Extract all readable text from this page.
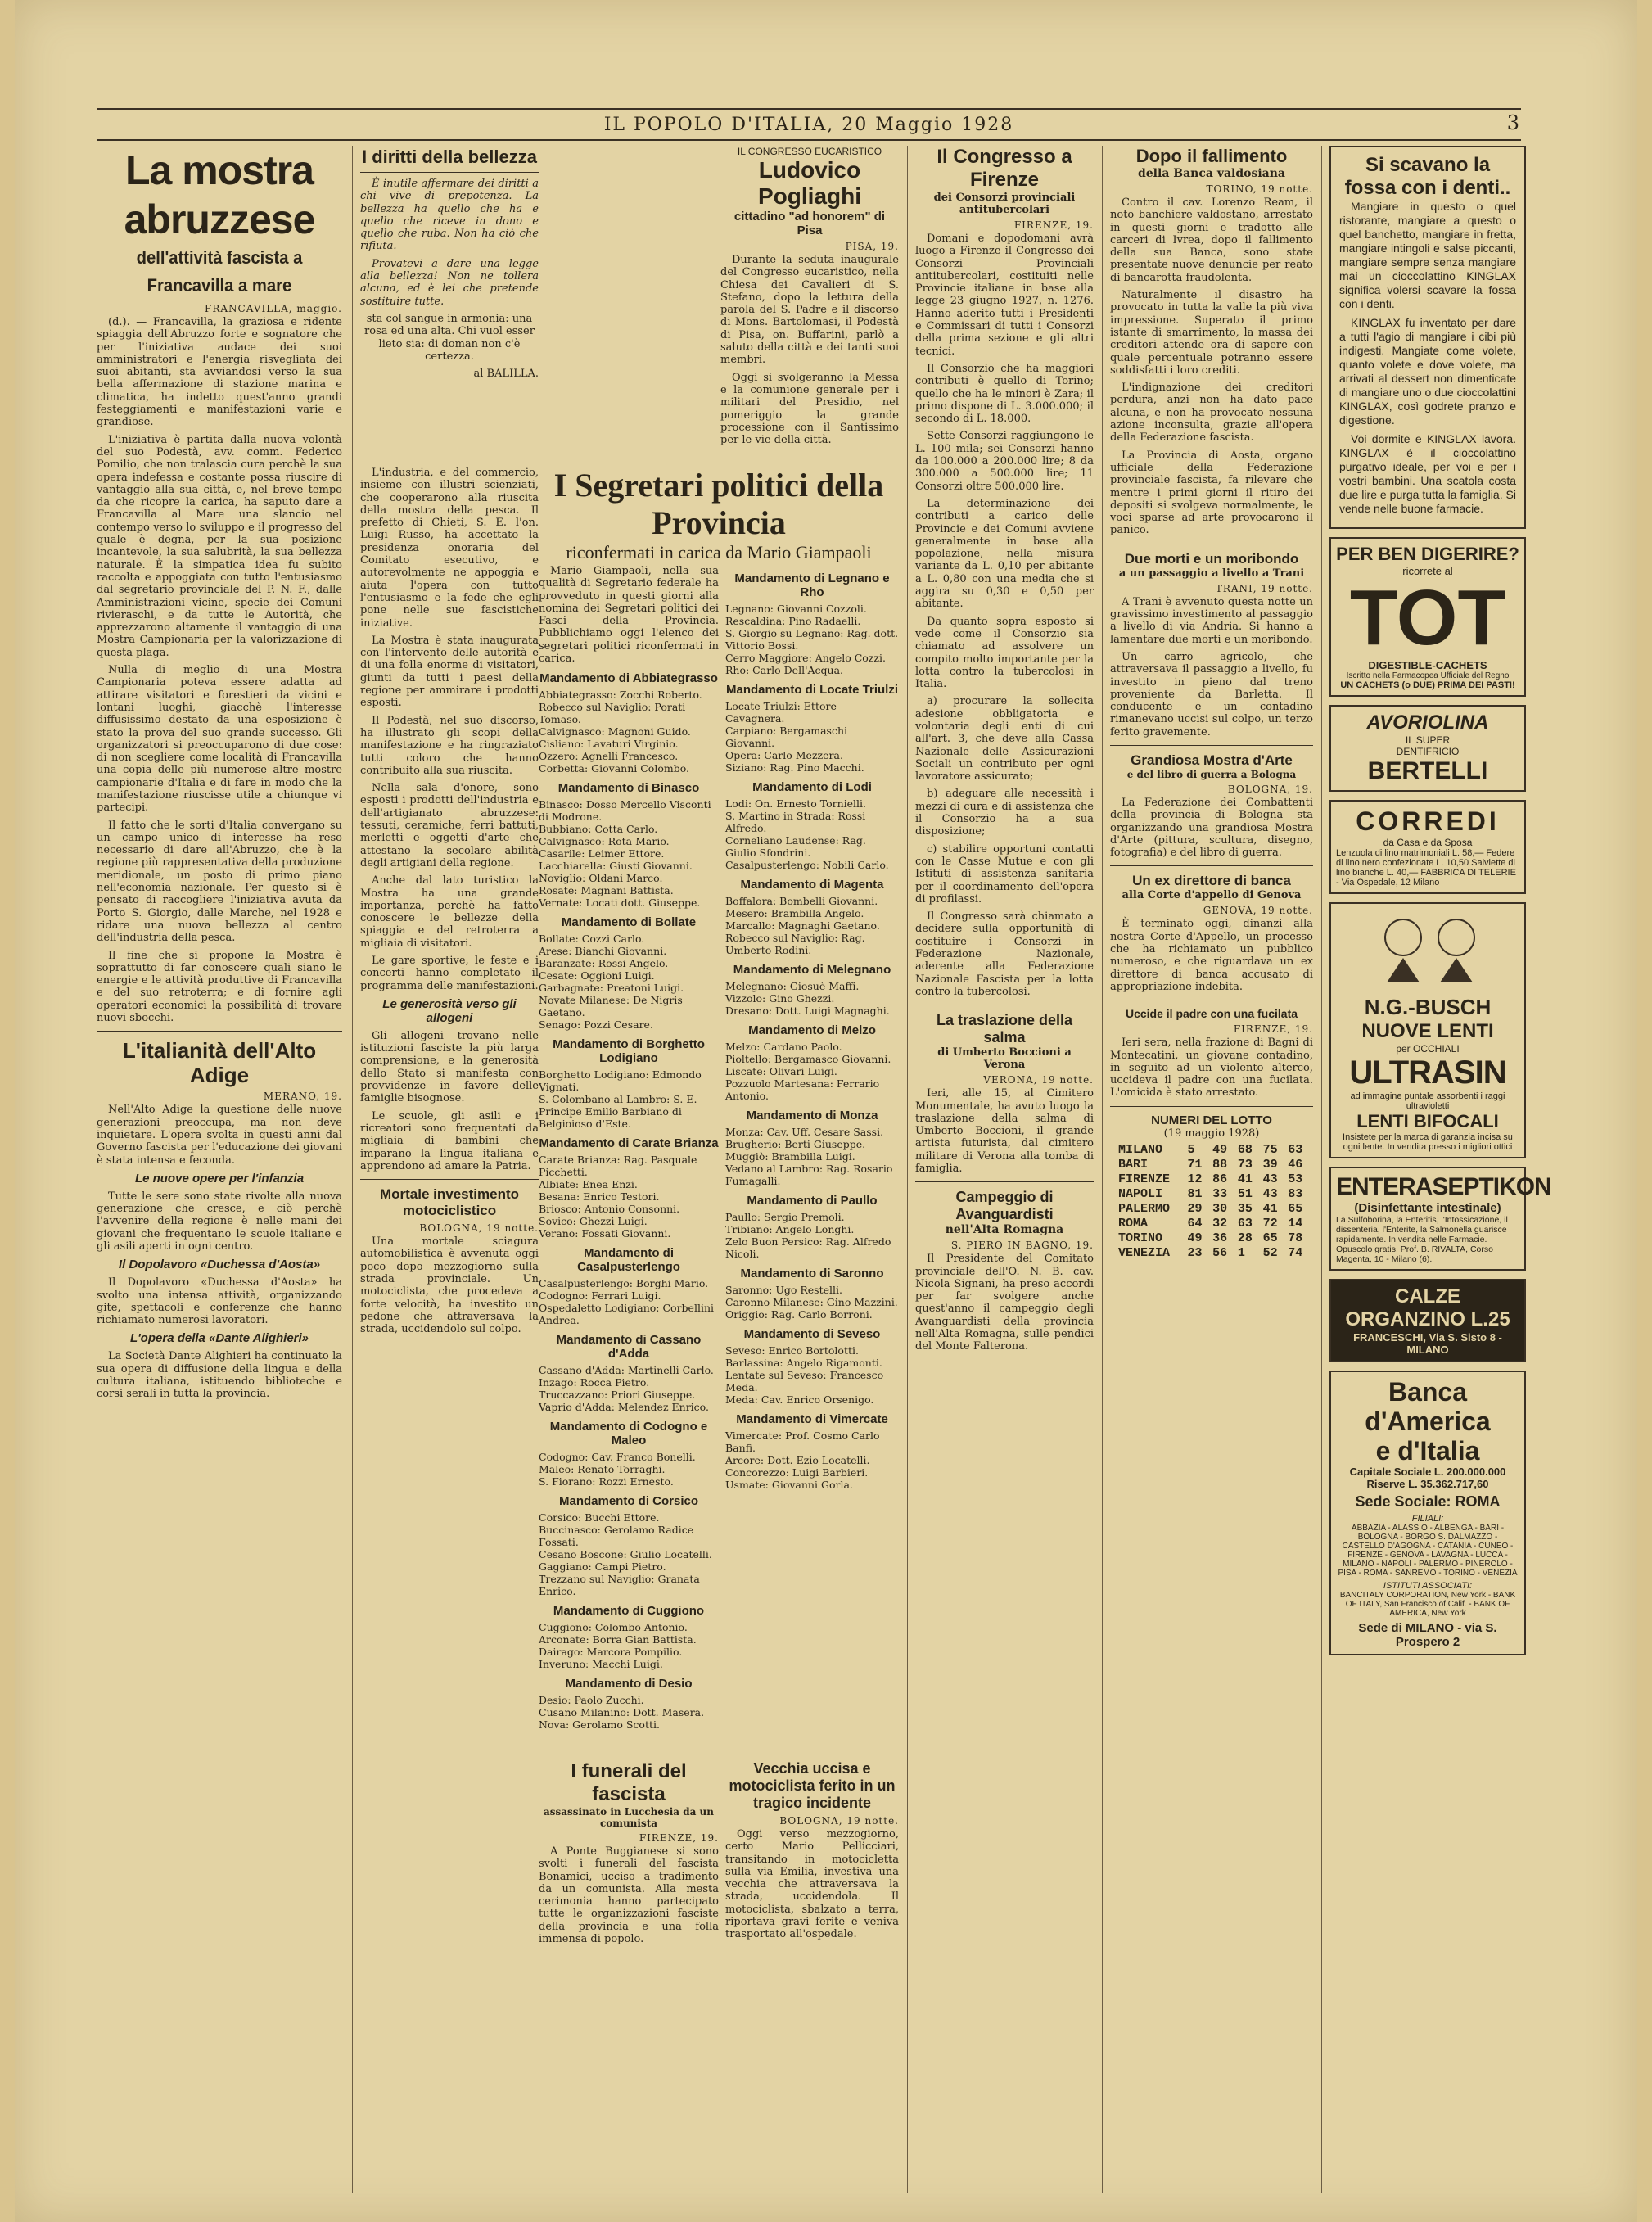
IL POPOLO D'ITALIA, 20 Maggio 1928	3
La mostra abruzzese
dell'attività fascista a Francavilla a mare
FRANCAVILLA, maggio.

(d.). — Francavilla, la graziosa e ridente spiaggia dell'Abruzzo forte e sognatore che per l'iniziativa audace dei suoi amministratori e l'energia risvegliata dei suoi abitanti, sta avviandosi verso la sua bella affermazione di stazione marina e climatica, ha indetto quest'anno grandi festeggiamenti e manifestazioni varie e grandiose.

L'iniziativa è partita dalla nuova volontà del suo Podestà, avv. comm. Federico Pomilio, che non tralascia cura perchè la sua opera indefessa e costante possa riuscire di vantaggio alla sua città, e, nel breve tempo da che ricopre la carica, ha saputo dare a Francavilla al Mare una slancio nel contempo verso lo sviluppo e il progresso del quale è degna, per la sua posizione incantevole, la sua salubrità, la sua bellezza naturale. È la simpatica idea fu subito raccolta e appoggiata con tutto l'entusiasmo dal segretario provinciale del P. N. F., dalle Amministrazioni vicine, specie dei Comuni rivieraschi, e da tutte le Autorità, che apprezzarono altamente il vantaggio di una Mostra Campionaria per la valorizzazione di questa plaga.

Nulla di meglio di una Mostra Campionaria poteva essere adatta ad attirare visitatori e forestieri da vicini e lontani luoghi, giacchè l'interesse diffusissimo destato da una esposizione è stato la prova del suo grande successo. Gli organizzatori si preoccuparono di due cose: di non scegliere come località di Francavilla una copia delle più numerose altre mostre campionarie d'Italia e di fare in modo che la manifestazione riuscisse utile a chiunque vi partecipi.

Il fatto che le sorti d'Italia convergano su un campo unico di interesse ha reso necessario di dare all'Abruzzo, che è la regione più rappresentativa della produzione meridionale, un posto di primo piano nell'economia nazionale. Per questo si è pensato di raccogliere l'iniziativa avuta da Porto S. Giorgio, dalle Marche, nel 1928 e ridare una nuova bellezza al centro dell'industria della pesca.

Il fine che si propone la Mostra è soprattutto di far conoscere quali siano le energie e le attività produttive di Francavilla e del suo retroterra; e di fornire agli operatori economici la possibilità di trovare nuovi sbocchi.

L'italianità dell'Alto Adige
MERANO, 19.

Nell'Alto Adige la questione delle nuove generazioni preoccupa, ma non deve inquietare. L'opera svolta in questi anni dal Governo fascista per l'educazione dei giovani è stata intensa e feconda.

Le nuove opere per l'infanzia

Tutte le sere sono state rivolte alla nuova generazione che cresce, e ciò perchè l'avvenire della regione è nelle mani dei giovani che frequentano le scuole italiane e gli asili aperti in ogni centro.

Il Dopolavoro «Duchessa d'Aosta»

Il Dopolavoro «Duchessa d'Aosta» ha svolto una intensa attività, organizzando gite, spettacoli e conferenze che hanno richiamato numerosi lavoratori.

L'opera della «Dante Alighieri»

La Società Dante Alighieri ha continuato la sua opera di diffusione della lingua e della cultura italiana, istituendo biblioteche e corsi serali in tutta la provincia.

I diritti della bellezza

È inutile affermare dei diritti a chi vive di prepotenza. La bellezza ha quello che ha e quello che riceve in dono e quello che ruba. Non ha ciò che rifiuta.

Provatevi a dare una legge alla bellezza! Non ne tollera alcuna, ed è lei che pretende sostituire tutte.

sta col sangue in armonia: una rosa ed una alta. Chi vuol esser lieto sia: di doman non c'è certezza.

al BALILLA.

L'industria, e del commercio, insieme con illustri scienziati, che cooperarono alla riuscita della mostra della pesca. Il prefetto di Chieti, S. E. l'on. Luigi Russo, ha accettato la presidenza onoraria del Comitato esecutivo, e autorevolmente ne appoggia e aiuta l'opera con tutto l'entusiasmo e la fede che egli pone nelle sue fascistiche iniziative.

La Mostra è stata inaugurata con l'intervento delle autorità e di una folla enorme di visitatori, giunti da tutti i paesi della regione per ammirare i prodotti esposti.

Il Podestà, nel suo discorso, ha illustrato gli scopi della manifestazione e ha ringraziato tutti coloro che hanno contribuito alla sua riuscita.

Nella sala d'onore, sono esposti i prodotti dell'industria e dell'artigianato abruzzese: tessuti, ceramiche, ferri battuti, merletti e oggetti d'arte che attestano la secolare abilità degli artigiani della regione.

Anche dal lato turistico la Mostra ha una grande importanza, perchè ha fatto conoscere le bellezze della spiaggia e del retroterra a migliaia di visitatori.

Le gare sportive, le feste e i concerti hanno completato il programma delle manifestazioni.

Le generosità verso gli allogeni

Gli allogeni trovano nelle istituzioni fasciste la più larga comprensione, e la generosità dello Stato si manifesta con provvidenze in favore delle famiglie bisognose.

Le scuole, gli asili e i ricreatori sono frequentati da migliaia di bambini che imparano la lingua italiana e apprendono ad amare la Patria.

Mortale investimento motociclistico
BOLOGNA, 19 notte.

Una mortale sciagura automobilistica è avvenuta oggi poco dopo mezzogiorno sulla strada provinciale. Un motociclista, che procedeva a forte velocità, ha investito un pedone che attraversava la strada, uccidendolo sul colpo.

IL CONGRESSO EUCARISTICO
Ludovico Pogliaghi
cittadino "ad honorem" di Pisa
PISA, 19.

Durante la seduta inaugurale del Congresso eucaristico, nella Chiesa dei Cavalieri di S. Stefano, dopo la lettura della parola del S. Padre e il discorso di Mons. Bartolomasi, il Podestà di Pisa, on. Buffarini, parlò a saluto della città e dei tanti suoi membri.

Oggi si svolgeranno la Messa e la comunione generale per i militari del Presidio, nel pomeriggio la grande processione con il Santissimo per le vie della città.

I Segretari politici della Provincia
riconfermati in carica da Mario Giampaoli

Mario Giampaoli, nella sua qualità di Segretario federale ha provveduto in questi giorni alla nomina dei Segretari politici dei Fasci della Provincia. Pubblichiamo oggi l'elenco dei segretari politici riconfermati in carica.

Mandamento di Abbiategrasso
Abbiategrasso: Zocchi Roberto.
Robecco sul Naviglio: Porati Tomaso.
Calvignasco: Magnoni Guido.
Cisliano: Lavaturi Virginio.
Ozzero: Agnelli Francesco.
Corbetta: Giovanni Colombo.
Mandamento di Binasco
Binasco: Dosso Mercello Visconti di Modrone.
Bubbiano: Cotta Carlo.
Calvignasco: Rota Mario.
Casarile: Leimer Ettore.
Lacchiarella: Giusti Giovanni.
Noviglio: Oldani Marco.
Rosate: Magnani Battista.
Vernate: Locati dott. Giuseppe.
Mandamento di Bollate
Bollate: Cozzi Carlo.
Arese: Bianchi Giovanni.
Baranzate: Rossi Angelo.
Cesate: Oggioni Luigi.
Garbagnate: Preatoni Luigi.
Novate Milanese: De Nigris Gaetano.
Senago: Pozzi Cesare.
Mandamento di Borghetto Lodigiano
Borghetto Lodigiano: Edmondo Vignati.
S. Colombano al Lambro: S. E. Principe Emilio Barbiano di Belgioioso d'Este.
Mandamento di Carate Brianza
Carate Brianza: Rag. Pasquale Picchetti.
Albiate: Enea Enzi.
Besana: Enrico Testori.
Briosco: Antonio Consonni.
Sovico: Ghezzi Luigi.
Verano: Fossati Giovanni.
Mandamento di Casalpusterlengo
Casalpusterlengo: Borghi Mario.
Codogno: Ferrari Luigi.
Ospedaletto Lodigiano: Corbellini Andrea.
Mandamento di Cassano d'Adda
Cassano d'Adda: Martinelli Carlo.
Inzago: Rocca Pietro.
Truccazzano: Priori Giuseppe.
Vaprio d'Adda: Melendez Enrico.
Mandamento di Codogno e Maleo
Codogno: Cav. Franco Bonelli.
Maleo: Renato Torraghi.
S. Fiorano: Rozzi Ernesto.
Mandamento di Corsico
Corsico: Bucchi Ettore.
Buccinasco: Gerolamo Radice Fossati.
Cesano Boscone: Giulio Locatelli.
Gaggiano: Campi Pietro.
Trezzano sul Naviglio: Granata Enrico.
Mandamento di Cuggiono
Cuggiono: Colombo Antonio.
Arconate: Borra Gian Battista.
Dairago: Marcora Pompilio.
Inveruno: Macchi Luigi.
Mandamento di Desio
Desio: Paolo Zucchi.
Cusano Milanino: Dott. Masera.
Nova: Gerolamo Scotti.
Mandamento di Legnano e Rho
Legnano: Giovanni Cozzoli.
Rescaldina: Pino Radaelli.
S. Giorgio su Legnano: Rag. dott. Vittorio Bossi.
Cerro Maggiore: Angelo Cozzi.
Rho: Carlo Dell'Acqua.
Mandamento di Locate Triulzi
Locate Triulzi: Ettore Cavagnera.
Carpiano: Bergamaschi Giovanni.
Opera: Carlo Mezzera.
Siziano: Rag. Pino Macchi.
Mandamento di Lodi
Lodi: On. Ernesto Tornielli.
S. Martino in Strada: Rossi Alfredo.
Corneliano Laudense: Rag. Giulio Sfondrini.
Casalpusterlengo: Nobili Carlo.
Mandamento di Magenta
Boffalora: Bombelli Giovanni.
Mesero: Brambilla Angelo.
Marcallo: Magnaghi Gaetano.
Robecco sul Naviglio: Rag. Umberto Rodini.
Mandamento di Melegnano
Melegnano: Giosuè Maffi.
Vizzolo: Gino Ghezzi.
Dresano: Dott. Luigi Magnaghi.
Mandamento di Melzo
Melzo: Cardano Paolo.
Pioltello: Bergamasco Giovanni.
Liscate: Olivari Luigi.
Pozzuolo Martesana: Ferrario Antonio.
Mandamento di Monza
Monza: Cav. Uff. Cesare Sassi.
Brugherio: Berti Giuseppe.
Muggiò: Brambilla Luigi.
Vedano al Lambro: Rag. Rosario Fumagalli.
Mandamento di Paullo
Paullo: Sergio Premoli.
Tribiano: Angelo Longhi.
Zelo Buon Persico: Rag. Alfredo Nicoli.
Mandamento di Saronno
Saronno: Ugo Restelli.
Caronno Milanese: Gino Mazzini.
Origgio: Rag. Carlo Borroni.
Mandamento di Seveso
Seveso: Enrico Bortolotti.
Barlassina: Angelo Rigamonti.
Lentate sul Seveso: Francesco Meda.
Meda: Cav. Enrico Orsenigo.
Mandamento di Vimercate
Vimercate: Prof. Cosmo Carlo Banfi.
Arcore: Dott. Ezio Locatelli.
Concorezzo: Luigi Barbieri.
Usmate: Giovanni Gorla.
I funerali del fascista
assassinato in Lucchesia da un comunista
FIRENZE, 19.

A Ponte Buggianese si sono svolti i funerali del fascista Bonamici, ucciso a tradimento da un comunista. Alla mesta cerimonia hanno partecipato tutte le organizzazioni fasciste della provincia e una folla immensa di popolo.

Vecchia uccisa e motociclista ferito in un tragico incidente
BOLOGNA, 19 notte.

Oggi verso mezzogiorno, certo Mario Pellicciari, transitando in motocicletta sulla via Emilia, investiva una vecchia che attraversava la strada, uccidendola. Il motociclista, sbalzato a terra, riportava gravi ferite e veniva trasportato all'ospedale.

Il Congresso a Firenze
dei Consorzi provinciali antitubercolari
FIRENZE, 19.

Domani e dopodomani avrà luogo a Firenze il Congresso dei Consorzi Provinciali antitubercolari, costituiti nelle Provincie italiane in base alla legge 23 giugno 1927, n. 1276. Hanno aderito tutti i Presidenti e Commissari di tutti i Consorzi della prima sezione e gli altri tecnici.

Il Consorzio che ha maggiori contributi è quello di Torino; quello che ha le minori è Zara; il primo dispone di L. 3.000.000; il secondo di L. 18.000.

Sette Consorzi raggiungono le L. 100 mila; sei Consorzi hanno da 100.000 a 200.000 lire; 8 da 300.000 a 500.000 lire; 11 Consorzi oltre 500.000 lire.

La determinazione dei contributi a carico delle Provincie e dei Comuni avviene generalmente in base alla popolazione, nella misura variante da L. 0,10 per abitante a L. 0,80 con una media che si aggira su 0,30 e 0,50 per abitante.

Da quanto sopra esposto si vede come il Consorzio sia chiamato ad assolvere un compito molto importante per la lotta contro la tubercolosi in Italia.

a) procurare la sollecita adesione obbligatoria e volontaria degli enti di cui all'art. 3, che deve alla Cassa Nazionale delle Assicurazioni Sociali un contributo per ogni lavoratore assicurato;

b) adeguare alle necessità i mezzi di cura e di assistenza che il Consorzio ha a sua disposizione;

c) stabilire opportuni contatti con le Casse Mutue e con gli Istituti di assistenza sanitaria per il coordinamento dell'opera di profilassi.

Il Congresso sarà chiamato a decidere sulla opportunità di costituire i Consorzi in Federazione Nazionale, aderente alla Federazione Nazionale Fascista per la lotta contro la tubercolosi.

La traslazione della salma
di Umberto Boccioni a Verona
VERONA, 19 notte.

Ieri, alle 15, al Cimitero Monumentale, ha avuto luogo la traslazione della salma di Umberto Boccioni, il grande artista futurista, dal cimitero militare di Verona alla tomba di famiglia.

Campeggio di Avanguardisti
nell'Alta Romagna
S. PIERO IN BAGNO, 19.

Il Presidente del Comitato provinciale dell'O. N. B. cav. Nicola Signani, ha preso accordi per far svolgere anche quest'anno il campeggio degli Avanguardisti della provincia nell'Alta Romagna, sulle pendici del Monte Falterona.

Dopo il fallimento
della Banca valdosiana
TORINO, 19 notte.

Contro il cav. Lorenzo Ream, il noto banchiere valdostano, arrestato in questi giorni e tradotto alle carceri di Ivrea, dopo il fallimento della sua Banca, sono state presentate nuove denuncie per reato di bancarotta fraudolenta.

Naturalmente il disastro ha provocato in tutta la valle la più viva impressione. Superato il primo istante di smarrimento, la massa dei creditori attende ora di sapere con quale percentuale potranno essere soddisfatti i loro crediti.

L'indignazione dei creditori perdura, anzi non ha dato pace alcuna, e non ha provocato nessuna azione inconsulta, grazie all'opera della Federazione fascista.

La Provincia di Aosta, organo ufficiale della Federazione provinciale fascista, fa rilevare che mentre i primi giorni il ritiro dei depositi si svolgeva normalmente, le voci sparse ad arte provocarono il panico.

Due morti e un moribondo
a un passaggio a livello a Trani
TRANI, 19 notte.

A Trani è avvenuto questa notte un gravissimo investimento al passaggio a livello di via Andria. Si hanno a lamentare due morti e un moribondo.

Un carro agricolo, che attraversava il passaggio a livello, fu investito in pieno dal treno proveniente da Barletta. Il conducente e un contadino rimanevano uccisi sul colpo, un terzo ferito gravemente.

Grandiosa Mostra d'Arte
e del libro di guerra a Bologna
BOLOGNA, 19.

La Federazione dei Combattenti della provincia di Bologna sta organizzando una grandiosa Mostra d'Arte (pittura, scultura, disegno, fotografia) e del libro di guerra.

Un ex direttore di banca
alla Corte d'appello di Genova
GENOVA, 19 notte.

È terminato oggi, dinanzi alla nostra Corte d'Appello, un processo che ha richiamato un pubblico numeroso, e che riguardava un ex direttore di banca accusato di appropriazione indebita.

Uccide il padre con una fucilata
FIRENZE, 19.

Ieri sera, nella frazione di Bagni di Montecatini, un giovane contadino, in seguito ad un violento alterco, uccideva il padre con una fucilata. L'omicida è stato arrestato.

NUMERI DEL LOTTO
(19 maggio 1928)
MILANO	5	49 68 75 63
BARI	71 88 73 39 46
FIRENZE	12 86 41 43 53
NAPOLI	81 33 51 43 83
PALERMO	29 30 35 41 65
ROMA	64 32 63 72 14
TORINO	49 36 28 65 78
VENEZIA	23 56 1	52 74
Si scavano la fossa con i denti..

Mangiare in questo o quel ristorante, mangiare a questo o quel banchetto, mangiare in fretta, mangiare intingoli e salse piccanti, mangiare sempre senza mangiare mai un cioccolattino KINGLAX significa volersi scavare la fossa con i denti.

KINGLAX fu inventato per dare a tutti l'agio di mangiare i cibi più indigesti. Mangiate come volete, quanto volete e dove volete, ma arrivati al dessert non dimenticate di mangiare uno o due cioccolattini KINGLAX, così godrete pranzo e digestione.

Voi dormite e KINGLAX lavora. KINGLAX è il cioccolattino purgativo ideale, per voi e per i vostri bambini. Una scatola costa due lire e purga tutta la famiglia. Si vende nelle buone farmacie.

PER BEN DIGERIRE?
ricorrete al
TOT
DIGESTIBLE-CACHETS
Iscritto nella Farmacopea Ufficiale del Regno
UN CACHETS (o DUE) PRIMA DEI PASTI!
AVORIOLINA
IL SUPER
DENTIFRICIO
BERTELLI
CORREDI
da Casa e da Sposa
Lenzuola di lino matrimoniali L. 58,— Federe di lino nero confezionate L. 10,50 Salviette di lino bianche L. 40,— FABBRICA DI TELERIE - Via Ospedale, 12 Milano
N.G.-BUSCH
NUOVE LENTI
per OCCHIALI
ULTRASIN
ad immagine puntale assorbenti i raggi ultravioletti
LENTI BIFOCALI
Insistete per la marca di garanzia incisa su ogni lente. In vendita presso i migliori ottici
ENTERASEPTIKON
(Disinfettante intestinale)
La Sulfoborina, la Enteritis, l'Intossicazione, il dissenteria, l'Enterite, la Salmonella guarisce rapidamente. In vendita nelle Farmacie. Opuscolo gratis. Prof. B. RIVALTA, Corso Magenta, 10 - Milano (6).
CALZE ORGANZINO L.25
FRANCESCHI, Via S. Sisto 8 - MILANO
Banca d'America
e d'Italia
Capitale Sociale L. 200.000.000
Riserve L. 35.362.717,60
Sede Sociale: ROMA
FILIALI:
ABBAZIA - ALASSIO - ALBENGA - BARI - BOLOGNA - BORGO S. DALMAZZO - CASTELLO D'AGOGNA - CATANIA - CUNEO - FIRENZE - GENOVA - LAVAGNA - LUCCA - MILANO - NAPOLI - PALERMO - PINEROLO - PISA - ROMA - SANREMO - TORINO - VENEZIA
ISTITUTI ASSOCIATI:
BANCITALY CORPORATION, New York - BANK OF ITALY, San Francisco of Calif. - BANK OF AMERICA, New York
Sede di MILANO - via S. Prospero 2
